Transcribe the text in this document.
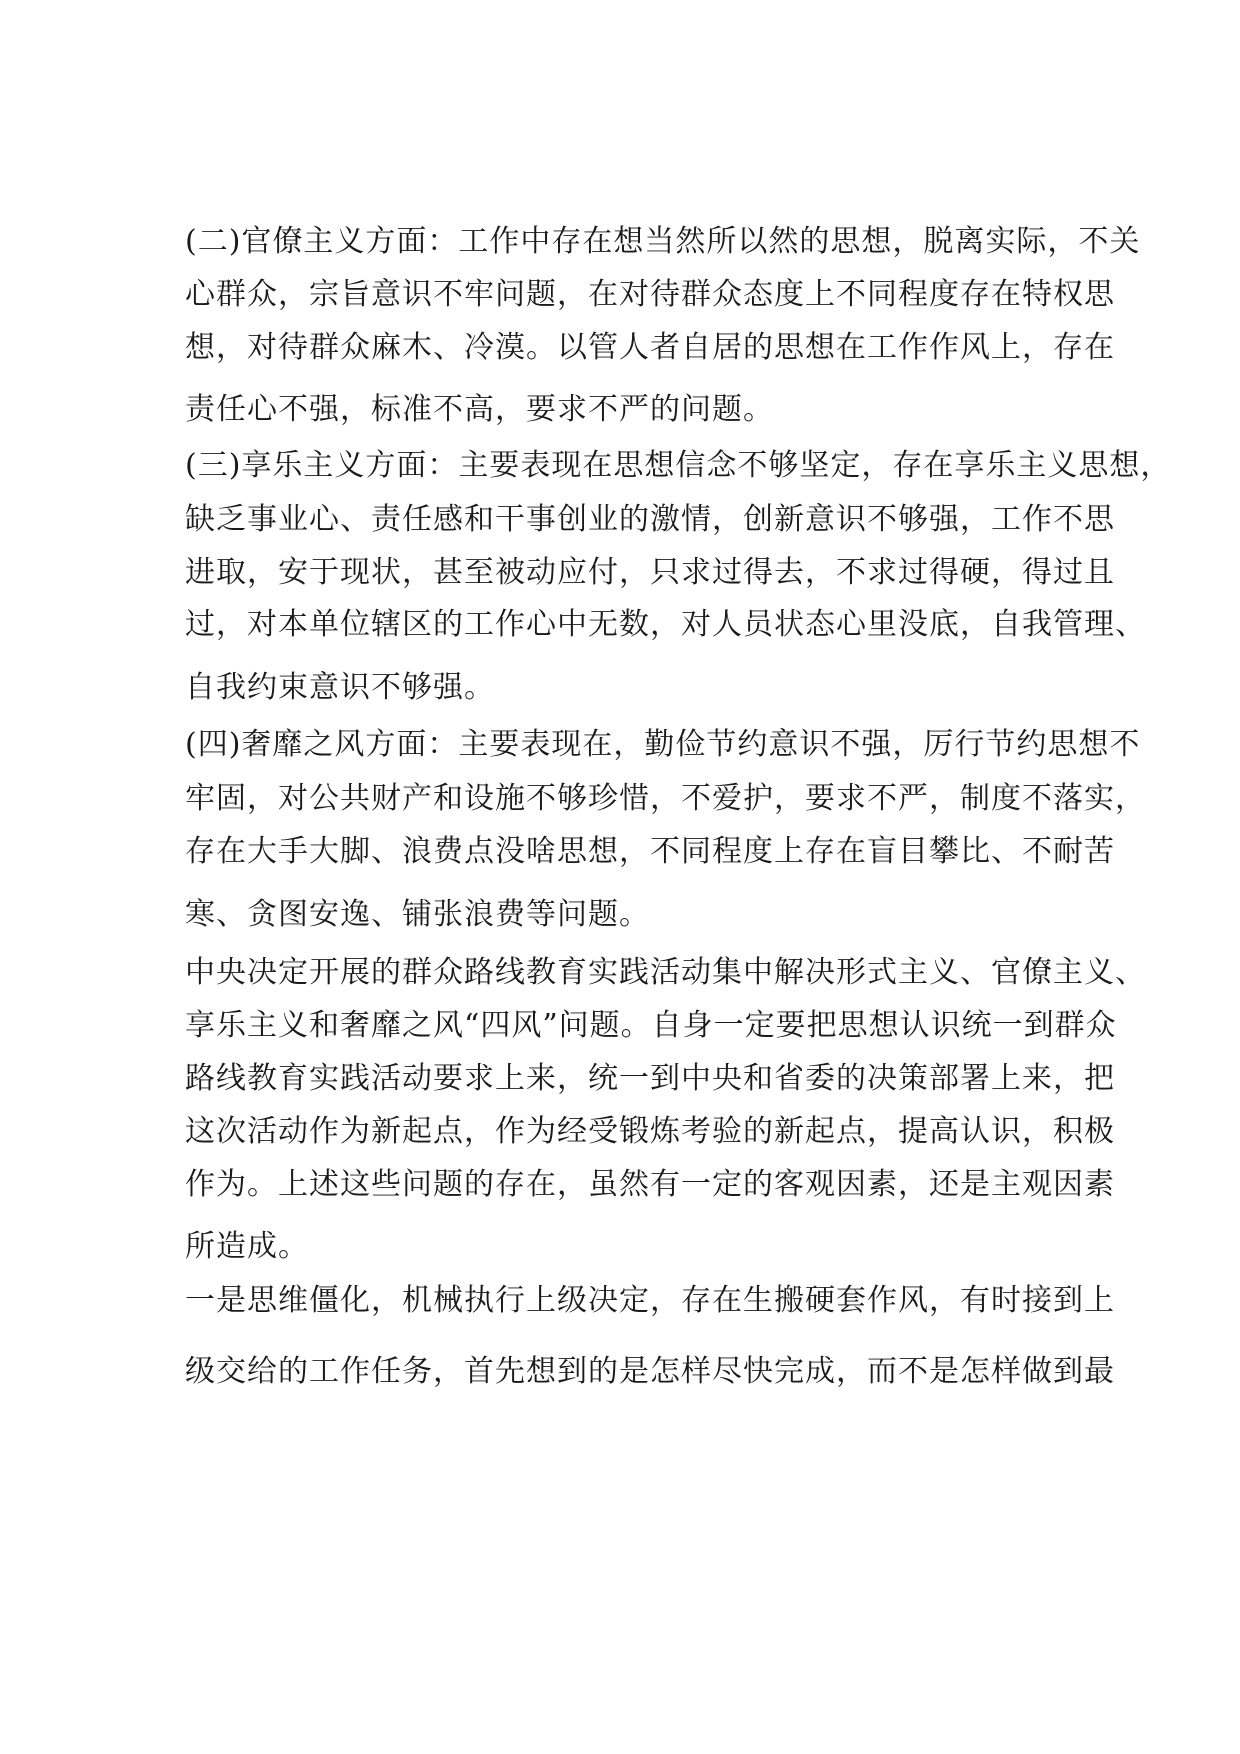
(二)官僚主义方面：工作中存在想当然所以然的思想，脱离实际，不关
心群众，宗旨意识不牢问题，在对待群众态度上不同程度存在特权思
想，对待群众麻木、冷漠。以管人者自居的思想在工作作风上，存在
责任心不强，标准不高，要求不严的问题。
(三)享乐主义方面：主要表现在思想信念不够坚定，存在享乐主义思想，
缺乏事业心、责任感和干事创业的激情，创新意识不够强，工作不思
进取，安于现状，甚至被动应付，只求过得去，不求过得硬，得过且
过，对本单位辖区的工作心中无数，对人员状态心里没底，自我管理、
自我约束意识不够强。
(四)奢靡之风方面：主要表现在，勤俭节约意识不强，厉行节约思想不
牢固，对公共财产和设施不够珍惜，不爱护，要求不严，制度不落实，
存在大手大脚、浪费点没啥思想，不同程度上存在盲目攀比、不耐苦
寒、贪图安逸、铺张浪费等问题。
中央决定开展的群众路线教育实践活动集中解决形式主义、官僚主义、
享乐主义和奢靡之风“四风”问题。自身一定要把思想认识统一到群众
路线教育实践活动要求上来，统一到中央和省委的决策部署上来，把
这次活动作为新起点，作为经受锻炼考验的新起点，提高认识，积极
作为。上述这些问题的存在，虽然有一定的客观因素，还是主观因素
所造成。
一是思维僵化，机械执行上级决定，存在生搬硬套作风，有时接到上
级交给的工作任务，首先想到的是怎样尽快完成，而不是怎样做到最
